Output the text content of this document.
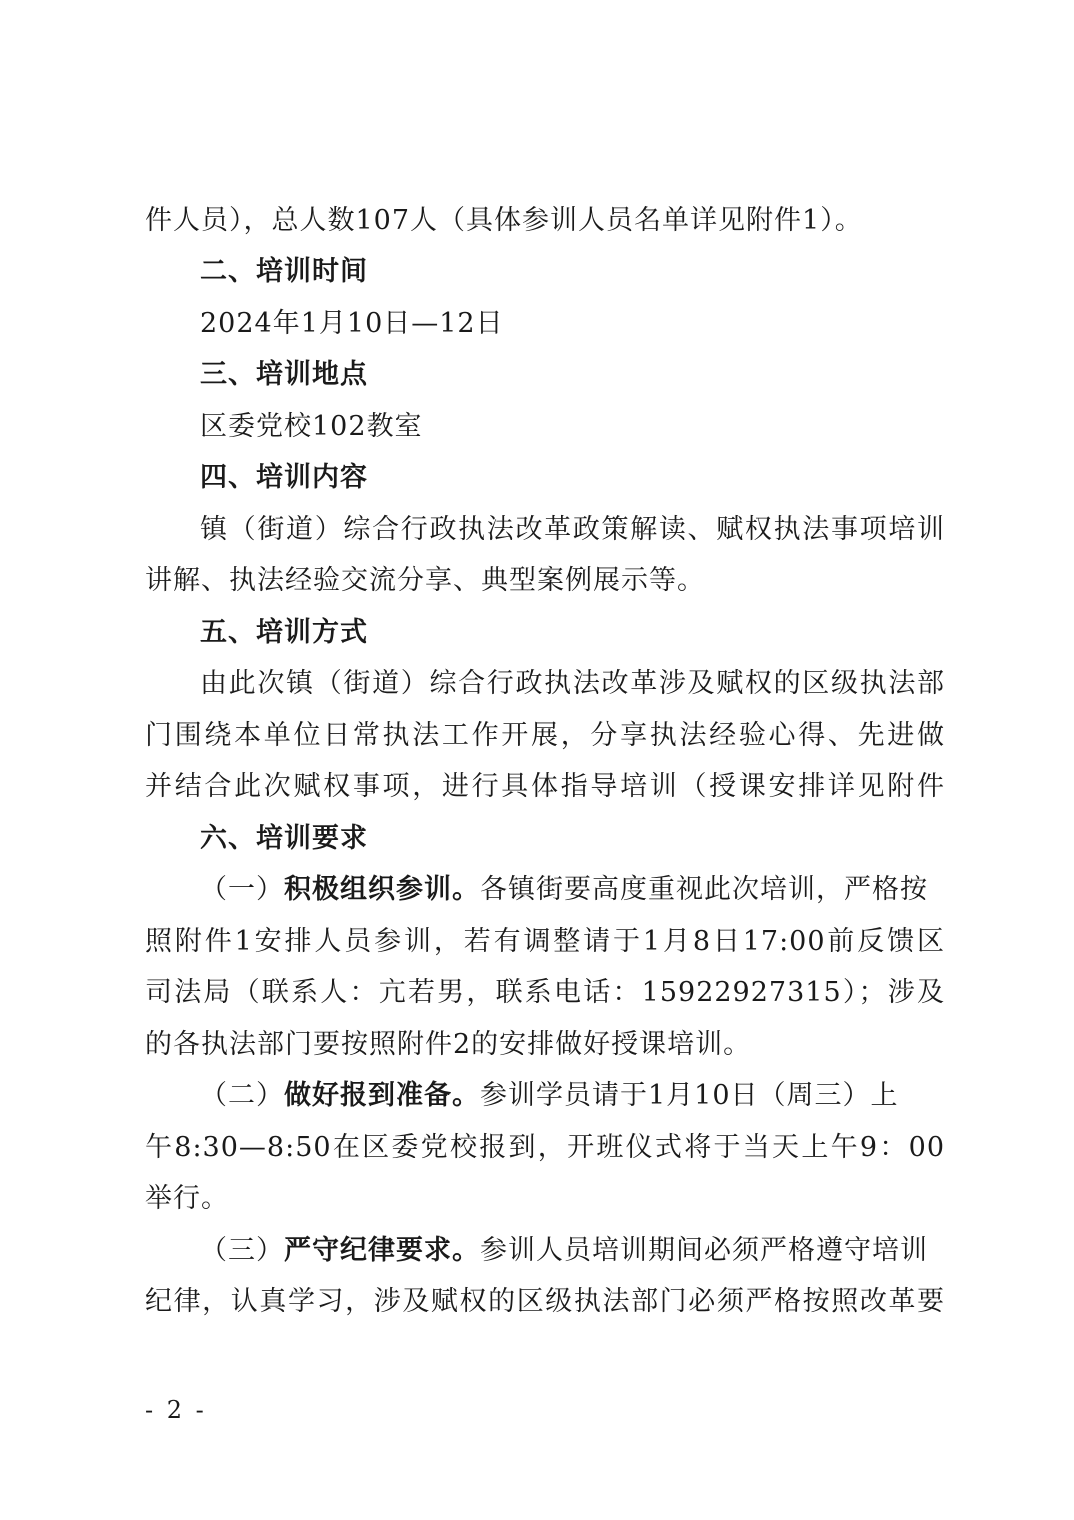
件人员），总人数107人（具体参训人员名单详见附件1）。
二、培训时间
2024年1月10日—12日
三、培训地点
区委党校102教室
四、培训内容
镇（街道）综合行政执法改革政策解读、赋权执法事项培训
讲解、执法经验交流分享、典型案例展示等。
五、培训方式
由此次镇（街道）综合行政执法改革涉及赋权的区级执法部
门围绕本单位日常执法工作开展，分享执法经验心得、先进做
并结合此次赋权事项，进行具体指导培训（授课安排详见附件
六、培训要求
（一）积极组织参训。各镇街要高度重视此次培训，严格按
照附件1安排人员参训，若有调整请于1月8日17:00前反馈区
司法局（联系人：亢若男，联系电话：15922927315）；涉及
的各执法部门要按照附件2的安排做好授课培训。
（二）做好报到准备。参训学员请于1月10日（周三）上
午8:30—8:50在区委党校报到，开班仪式将于当天上午9：00
举行。
（三）严守纪律要求。参训人员培训期间必须严格遵守培训
纪律，认真学习，涉及赋权的区级执法部门必须严格按照改革要
- 2 -
